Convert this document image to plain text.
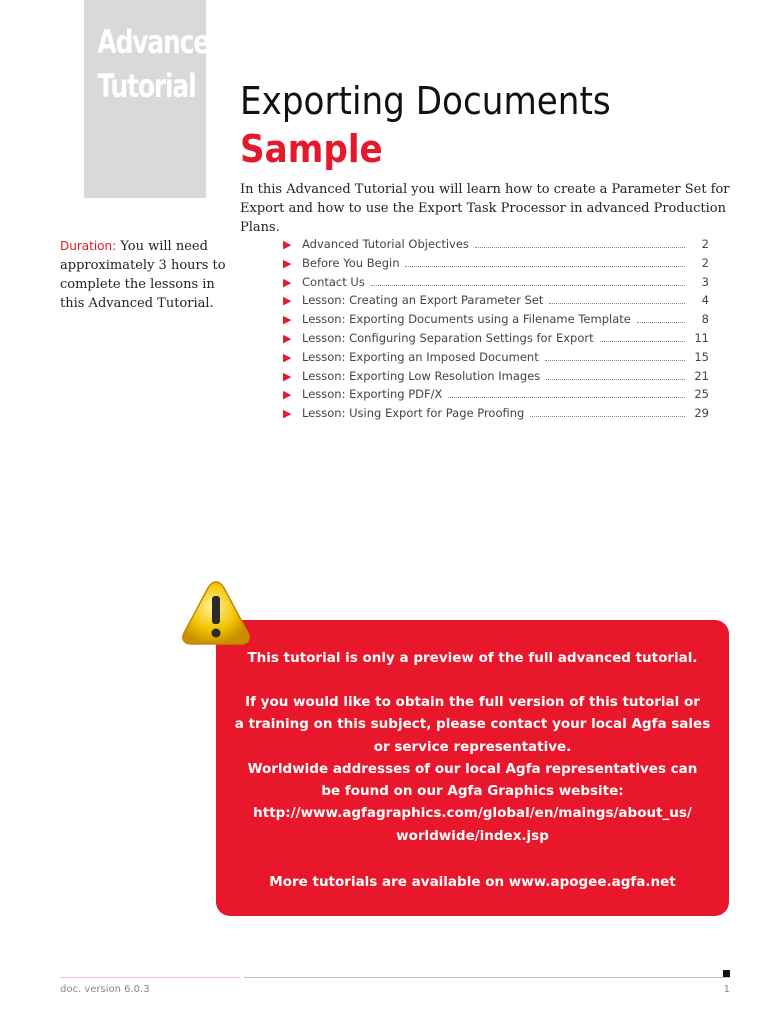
Advanced
Tutorial Exporting Documents
Sample
In this Advanced Tutorial you will learn how to create a Parameter Set for Export and how to use the Export Task Processor in advanced Production Plans.
Duration: You will need approximately 3 hours to complete the lessons in this Advanced Tutorial.
▶ Advanced Tutorial Objectives	2
▶ Before You Begin	2
▶ Contact Us	3
▶ Lesson: Creating an Export Parameter Set	4
▶ Lesson: Exporting Documents using a Filename Template	8
▶ Lesson: Configuring Separation Settings for Export	11
▶ Lesson: Exporting an Imposed Document	15
▶ Lesson: Exporting Low Resolution Images	21
▶ Lesson: Exporting PDF/X	25
▶ Lesson: Using Export for Page Proofing	29

This tutorial is only a preview of the full advanced tutorial.

If you would like to obtain the full version of this tutorial or

a training on this subject, please contact your local Agfa sales

or service representative.

Worldwide addresses of our local Agfa representatives can

be found on our Agfa Graphics website:

http://www.agfagraphics.com/global/en/maings/about_us/

worldwide/index.jsp

More tutorials are available on www.apogee.agfa.net

doc. version 6.0.3	1
